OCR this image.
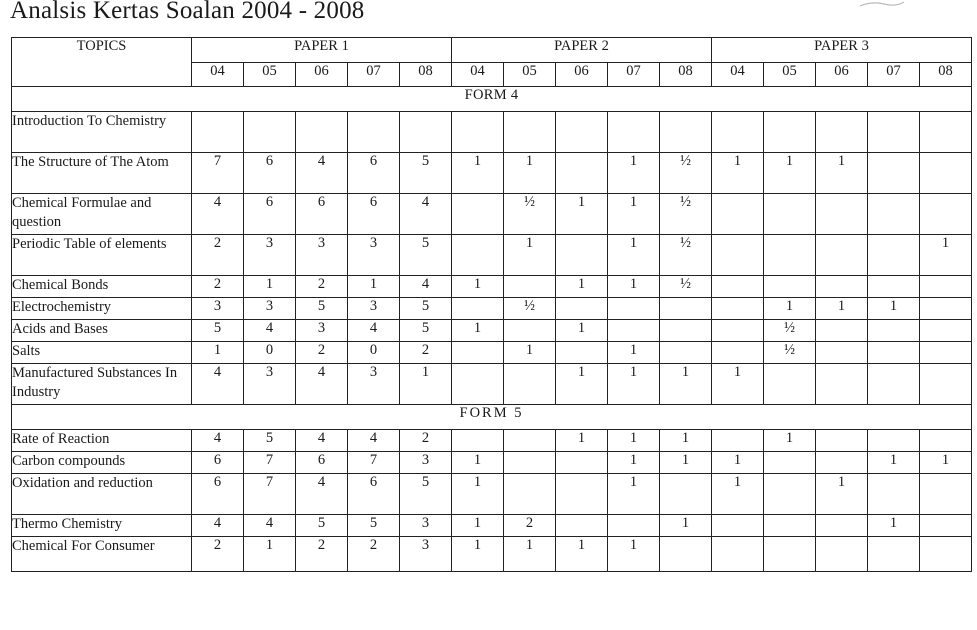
Analsis Kertas Soalan 2004 - 2008
TOPICS	PAPER 1					PAPER 2					PAPER 3				
	04	05	06	07	08	04	05	06	07	08	04	05	06	07	08
FORM 4															
Introduction To Chemistry															
The Structure of The Atom	7	6	4	6	5	1	1		1	½	1	1	1		
Chemical Formulae and question	4	6	6	6	4		½	1	1	½					
Periodic Table of elements	2	3	3	3	5		1		1	½					1
Chemical Bonds	2	1	2	1	4	1		1	1	½					
Electrochemistry	3	3	5	3	5		½					1	1	1	
Acids and Bases	5	4	3	4	5	1		1				½			
Salts	1	0	2	0	2		1		1			½			
Manufactured Substances In Industry	4	3	4	3	1			1	1	1	1				
FORM 5															
Rate of Reaction	4	5	4	4	2			1	1	1		1			
Carbon compounds	6	7	6	7	3	1			1	1	1			1	1
Oxidation and reduction	6	7	4	6	5	1			1		1		1		
Thermo Chemistry	4	4	5	5	3	1	2			1				1	
Chemical For Consumer	2	1	2	2	3	1	1	1	1						
